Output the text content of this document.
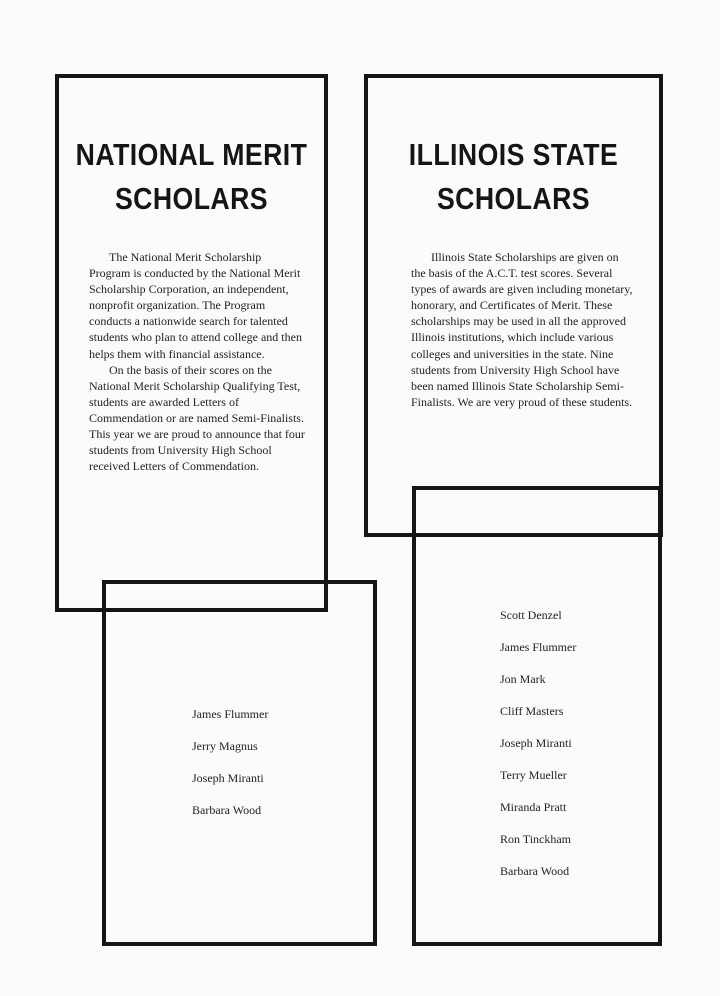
NATIONAL MERIT
SCHOLARS

The National Merit Scholarship Program is conducted by the National Merit Scholarship Corporation, an independent, nonprofit organization. The Program conducts a nationwide search for talented students who plan to attend college and then helps them with financial assistance.

On the basis of their scores on the National Merit Scholarship Qualifying Test, students are awarded Letters of Commendation or are named Semi-Finalists. This year we are proud to announce that four students from University High School received Letters of Commendation.

James Flummer
Jerry Magnus
Joseph Miranti
Barbara Wood
ILLINOIS STATE
SCHOLARS

Illinois State Scholarships are given on the basis of the A.C.T. test scores. Several types of awards are given including monetary, honorary, and Certificates of Merit. These scholarships may be used in all the approved Illinois institutions, which include various colleges and universities in the state. Nine students from University High School have been named Illinois State Scholarship Semi-Finalists. We are very proud of these students.

Scott Denzel
James Flummer
Jon Mark
Cliff Masters
Joseph Miranti
Terry Mueller
Miranda Pratt
Ron Tinckham
Barbara Wood
